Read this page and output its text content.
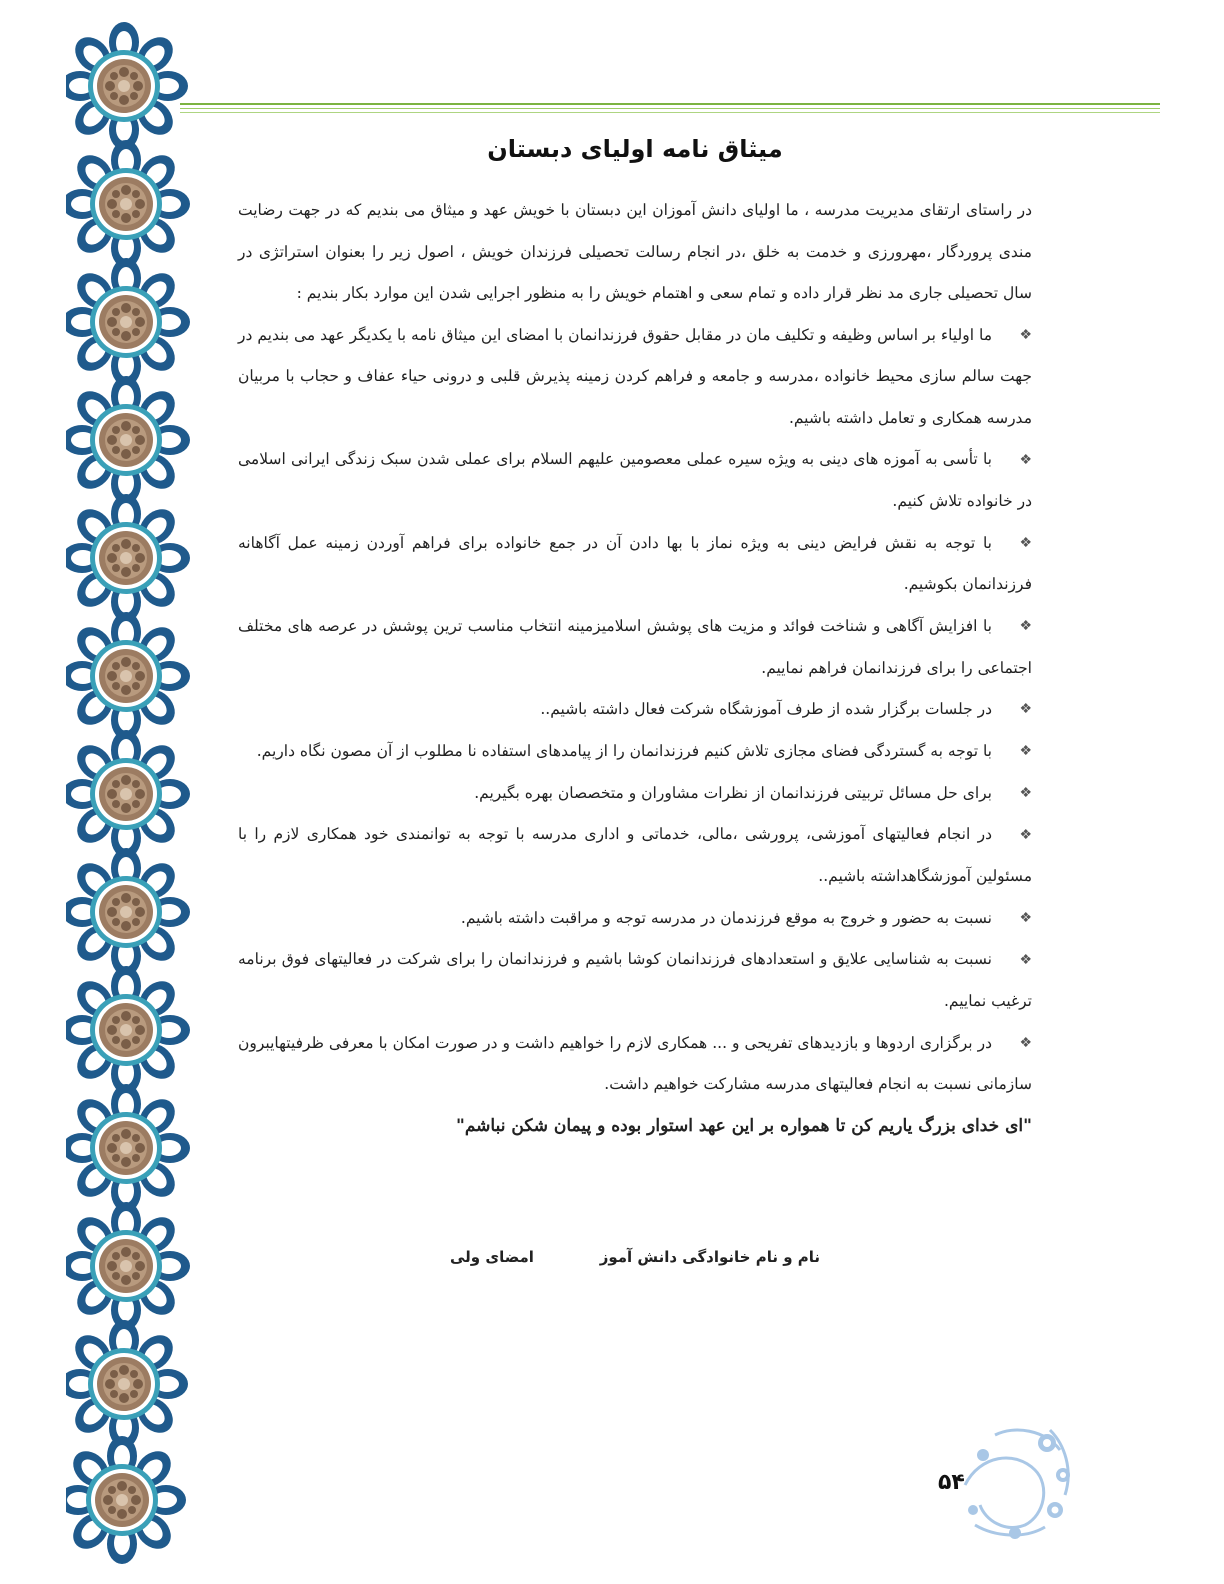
میثاق نامه اولیای دبستان

در راستای ارتقای مدیریت مدرسه ، ما اولیای دانش آموزان این دبستان با خویش عهد و میثاق می بندیم که در جهت رضایت مندی پروردگار ،مهرورزی و خدمت به خلق ،در انجام رسالت تحصیلی فرزندان خویش ، اصول زیر را بعنوان استراتژی در سال تحصیلی جاری مد نظر قرار داده و تمام سعی و اهتمام خویش را به منظور اجرایی شدن این موارد بکار بندیم :

❖ما اولیاء بر اساس وظیفه و تکلیف مان در مقابل حقوق فرزندانمان با امضای این میثاق نامه با یکدیگر عهد می بندیم در جهت سالم سازی محیط خانواده ،مدرسه و جامعه و فراهم کردن زمینه پذیرش قلبی و درونی حیاء عفاف و حجاب با مربیان مدرسه همکاری و تعامل داشته باشیم.
❖با تأسی به آموزه های دینی به ویژه سیره عملی معصومین علیهم السلام برای عملی شدن سبک زندگی ایرانی اسلامی در خانواده تلاش کنیم.
❖با توجه به نقش فرایض دینی به ویژه نماز با بها دادن آن در جمع خانواده برای فراهم آوردن زمینه عمل آگاهانه فرزندانمان بکوشیم.
❖با افزایش آگاهی و شناخت فوائد و مزیت های پوشش اسلامیزمینه انتخاب مناسب ترین پوشش در عرصه های مختلف اجتماعی را برای فرزندانمان فراهم نماییم.
❖در جلسات برگزار شده از طرف آموزشگاه شرکت فعال داشته باشیم..
❖با توجه به گستردگی فضای مجازی تلاش کنیم فرزندانمان را از پیامدهای استفاده نا مطلوب از آن مصون نگاه داریم.
❖برای حل مسائل تربیتی فرزندانمان از نظرات مشاوران و متخصصان بهره بگیریم.
❖در انجام فعالیتهای آموزشی، پرورشی ،مالی، خدماتی و اداری مدرسه با توجه به توانمندی خود همکاری لازم را با مسئولین آموزشگاهداشته باشیم..
❖نسبت به حضور و خروج به موقع فرزندمان در مدرسه توجه و مراقبت داشته باشیم.
❖نسبت به شناسایی علایق و استعدادهای فرزندانمان کوشا باشیم و فرزندانمان را برای شرکت در فعالیتهای فوق برنامه ترغیب نماییم.
❖در برگزاری اردوها و بازدیدهای تفریحی و ... همکاری لازم را خواهیم داشت و در صورت امکان با معرفی ظرفیتهایبرون سازمانی نسبت به انجام فعالیتهای مدرسه مشارکت خواهیم داشت.

"ای خدای بزرگ یاریم کن تا همواره بر این عهد استوار بوده و پیمان شکن نباشم"

نام و نام خانوادگی دانش آموز
امضای ولی
۵۴
